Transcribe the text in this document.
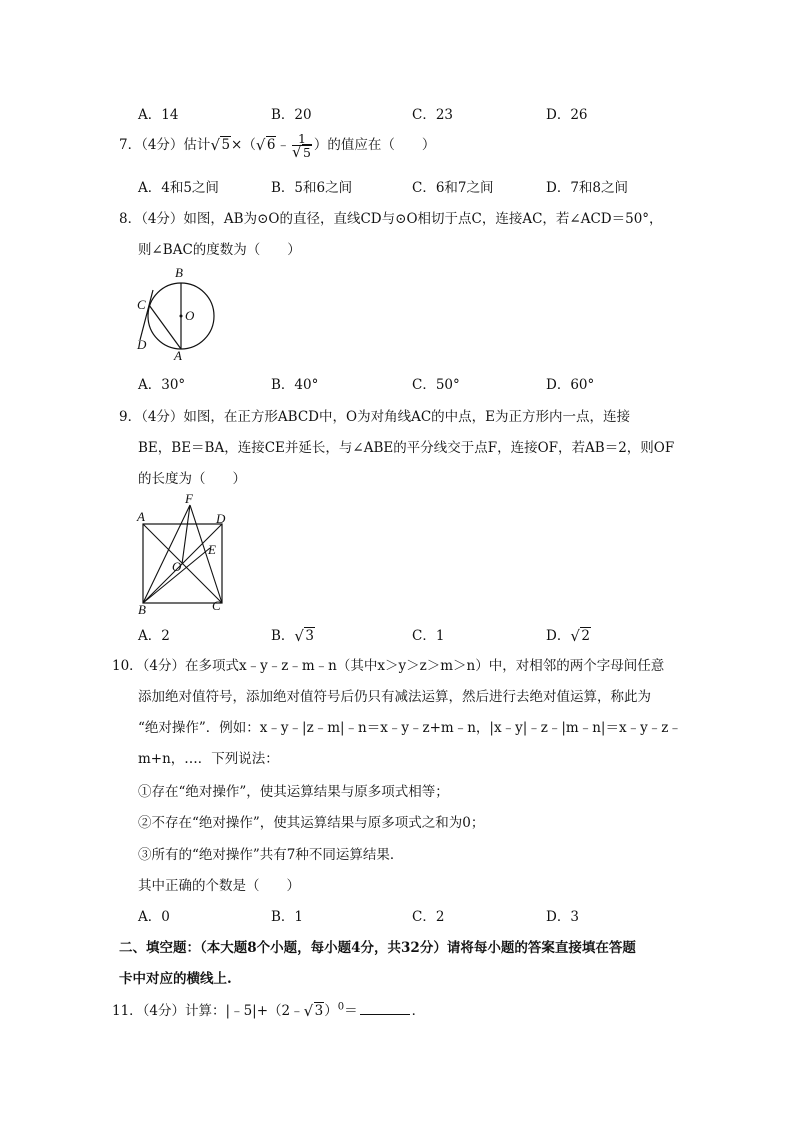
A．14	B．20	C．23	D．26
7．（4分）估计 √ 5×（ √ 6﹣ 1
√ 5 ）的值应在（　　）
A．4和5之间	B．5和6之间	C．6和7之间	D．7和8之间
8．（4分）如图，AB为⊙O的直径，直线CD与⊙O相切于点C，连接AC，若∠ACD＝50°，
则∠BAC的度数为（　　）
B
C
O
D
A
A．30°	B．40°	C．50°	D．60°
9．（4分）如图，在正方形ABCD中，O为对角线AC的中点，E为正方形内一点，连接
BE，BE＝BA，连接CE并延长，与∠ABE的平分线交于点F，连接OF，若AB＝2，则OF
的长度为（　　）
F
A	D
E
O
B	C
A．2	B． √ 3	C．1	D． √ 2
10．（4分）在多项式x﹣y﹣z﹣m﹣n（其中x＞y＞z＞m＞n）中，对相邻的两个字母间任意
添加绝对值符号，添加绝对值符号后仍只有减法运算，然后进行去绝对值运算，称此为
“绝对操作”．例如：x﹣y﹣|z﹣m|﹣n＝x﹣y﹣z+m﹣n，|x﹣y|﹣z﹣|m﹣n|＝x﹣y﹣z﹣
m+n，…．下列说法：
①存在“绝对操作”，使其运算结果与原多项式相等；
②不存在“绝对操作”，使其运算结果与原多项式之和为0；
③所有的“绝对操作”共有7种不同运算结果．
其中正确的个数是（　　）
A．0	B．1	C．2	D．3
二、填空题：（本大题8个小题，每小题4分，共32分）请将每小题的答案直接填在答题
卡中对应的横线上.
11．（4分）计算：|﹣5|+（2﹣ √ 3）$^0$＝	．
